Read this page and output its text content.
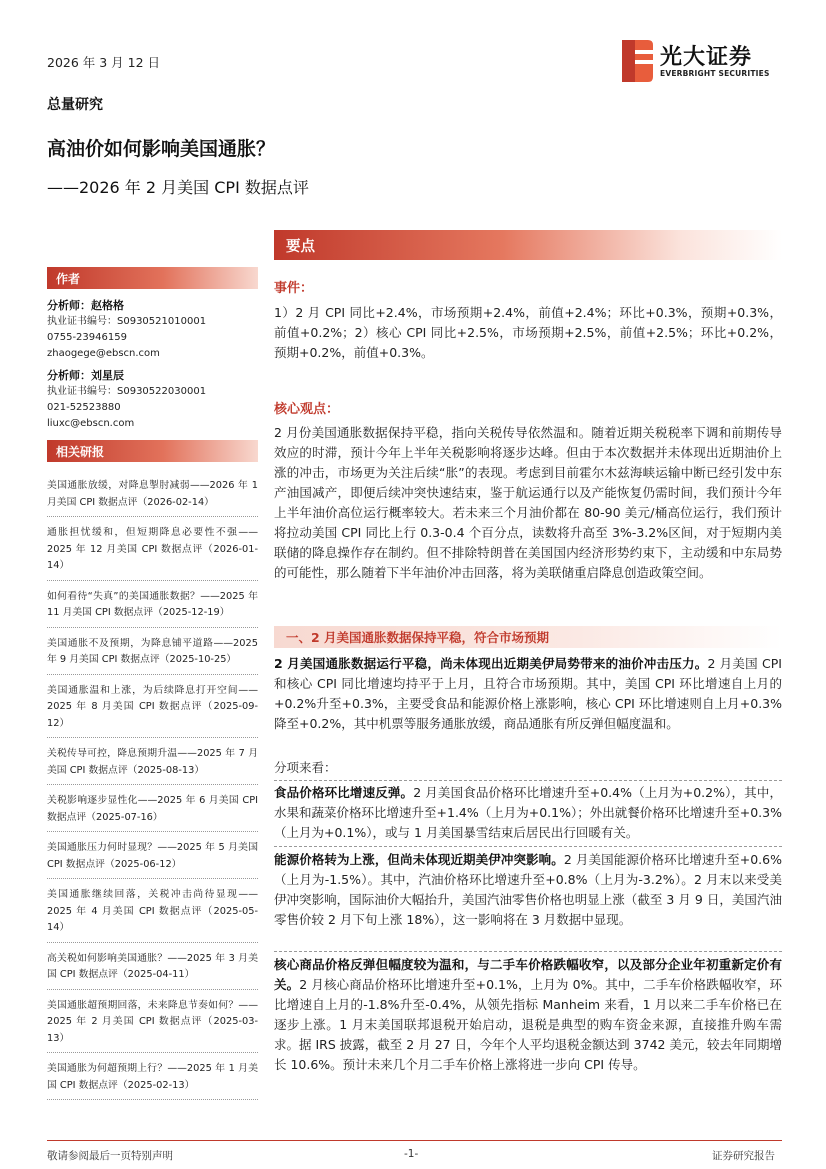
2026 年 3 月 12 日	光大证券
EVERBRIGHT SECURITIES
总量研究
高油价如何影响美国通胀？
——2026 年 2 月美国 CPI 数据点评
要点
作者
分析师：赵格格
执业证书编号：S0930521010001
0755-23946159
zhaogege@ebscn.com
分析师：刘星辰
执业证书编号：S0930522030001
021-52523880
liuxc@ebscn.com
相关研报
美国通胀放缓，对降息掣肘减弱——2026 年 1 月美国 CPI 数据点评（2026-02-14）
通胀担忧缓和，但短期降息必要性不强——2025 年 12 月美国 CPI 数据点评（2026-01-14）
如何看待“失真”的美国通胀数据？——2025 年 11 月美国 CPI 数据点评（2025-12-19）
美国通胀不及预期，为降息铺平道路——2025 年 9 月美国 CPI 数据点评（2025-10-25）
美国通胀温和上涨，为后续降息打开空间——2025 年 8 月美国 CPI 数据点评（2025-09-12）
关税传导可控，降息预期升温——2025 年 7 月美国 CPI 数据点评（2025-08-13）
关税影响逐步显性化——2025 年 6 月美国 CPI 数据点评（2025-07-16）
美国通胀压力何时显现？——2025 年 5 月美国 CPI 数据点评（2025-06-12）
美国通胀继续回落，关税冲击尚待显现——2025 年 4 月美国 CPI 数据点评（2025-05-14）
高关税如何影响美国通胀？——2025 年 3 月美国 CPI 数据点评（2025-04-11）
美国通胀超预期回落，未来降息节奏如何？——2025 年 2 月美国 CPI 数据点评（2025-03-13）
美国通胀为何超预期上行？——2025 年 1 月美国 CPI 数据点评（2025-02-13）
事件：
1）2 月 CPI 同比+2.4%，市场预期+2.4%，前值+2.4%；环比+0.3%，预期+0.3%，前值+0.2%；2）核心 CPI 同比+2.5%，市场预期+2.5%，前值+2.5%；环比+0.2%，预期+0.2%，前值+0.3%。
核心观点：
2 月份美国通胀数据保持平稳，指向关税传导依然温和。随着近期关税税率下调和前期传导效应的时滞，预计今年上半年关税影响将逐步达峰。但由于本次数据并未体现出近期油价上涨的冲击，市场更为关注后续“胀”的表现。考虑到目前霍尔木兹海峡运输中断已经引发中东产油国减产，即便后续冲突快速结束，鉴于航运通行以及产能恢复仍需时间，我们预计今年上半年油价高位运行概率较大。若未来三个月油价都在 80-90 美元/桶高位运行，我们预计将拉动美国 CPI 同比上行 0.3-0.4 个百分点，读数将升高至 3%-3.2%区间，对于短期内美联储的降息操作存在制约。但不排除特朗普在美国国内经济形势约束下，主动缓和中东局势的可能性，那么随着下半年油价冲击回落，将为美联储重启降息创造政策空间。
一、2 月美国通胀数据保持平稳，符合市场预期
2 月美国通胀数据运行平稳，尚未体现出近期美伊局势带来的油价冲击压力。2 月美国 CPI 和核心 CPI 同比增速均持平于上月，且符合市场预期。其中，美国 CPI 环比增速自上月的+0.2%升至+0.3%，主要受食品和能源价格上涨影响，核心 CPI 环比增速则自上月+0.3%降至+0.2%，其中机票等服务通胀放缓，商品通胀有所反弹但幅度温和。
分项来看：
食品价格环比增速反弹。2 月美国食品价格环比增速升至+0.4%（上月为+0.2%），其中，水果和蔬菜价格环比增速升至+1.4%（上月为+0.1%）；外出就餐价格环比增速升至+0.3%（上月为+0.1%），或与 1 月美国暴雪结束后居民出行回暖有关。
能源价格转为上涨，但尚未体现近期美伊冲突影响。2 月美国能源价格环比增速升至+0.6%（上月为-1.5%）。其中，汽油价格环比增速升至+0.8%（上月为-3.2%）。2 月末以来受美伊冲突影响，国际油价大幅抬升，美国汽油零售价格也明显上涨（截至 3 月 9 日，美国汽油零售价较 2 月下旬上涨 18%），这一影响将在 3 月数据中显现。
核心商品价格反弹但幅度较为温和，与二手车价格跌幅收窄，以及部分企业年初重新定价有关。2 月核心商品价格环比增速升至+0.1%，上月为 0%。其中，二手车价格跌幅收窄，环比增速自上月的-1.8%升至-0.4%，从领先指标 Manheim 来看，1 月以来二手车价格已在逐步上涨。1 月末美国联邦退税开始启动，退税是典型的购车资金来源，直接推升购车需求。据 IRS 披露，截至 2 月 27 日，今年个人平均退税金额达到 3742 美元，较去年同期增长 10.6%。预计未来几个月二手车价格上涨将进一步向 CPI 传导。
敬请参阅最后一页特别声明	-1-	证券研究报告
